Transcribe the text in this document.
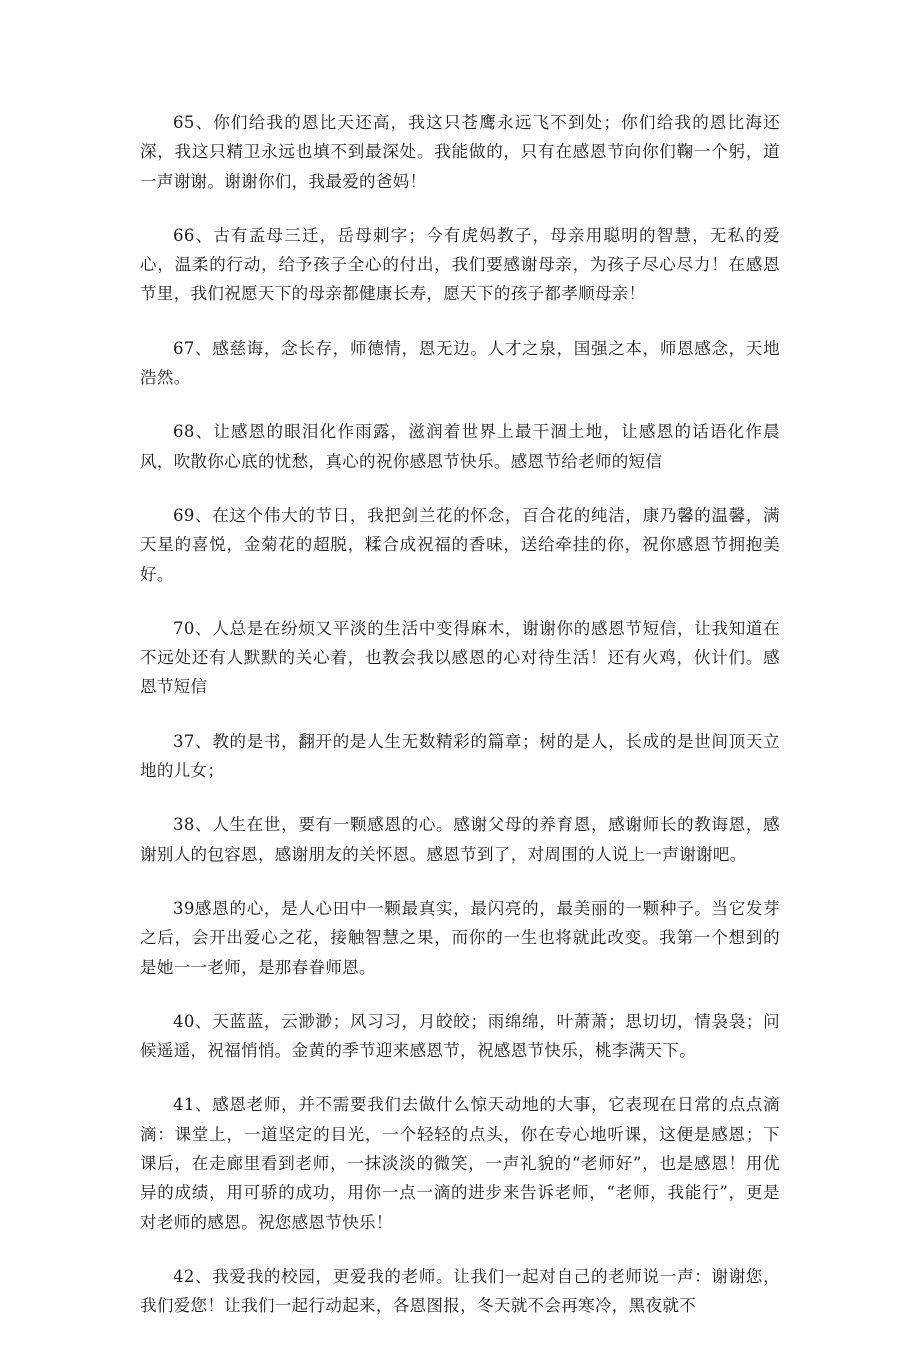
65、你们给我的恩比天还高，我这只苍鹰永远飞不到处；你们给我的恩比海还深，我这只精卫永远也填不到最深处。我能做的，只有在感恩节向你们鞠一个躬，道一声谢谢。谢谢你们，我最爱的爸妈！

66、古有孟母三迁，岳母刺字；今有虎妈教子，母亲用聪明的智慧，无私的爱心，温柔的行动，给予孩子全心的付出，我们要感谢母亲，为孩子尽心尽力！在感恩节里，我们祝愿天下的母亲都健康长寿，愿天下的孩子都孝顺母亲！

67、感慈诲，念长存，师德情，恩无边。人才之泉，国强之本，师恩感念，天地浩然。

68、让感恩的眼泪化作雨露，滋润着世界上最干涸土地，让感恩的话语化作晨风，吹散你心底的忧愁，真心的祝你感恩节快乐。感恩节给老师的短信

69、在这个伟大的节日，我把剑兰花的怀念，百合花的纯洁，康乃馨的温馨，满天星的喜悦，金菊花的超脱，糅合成祝福的香味，送给牵挂的你，祝你感恩节拥抱美好。

70、人总是在纷烦又平淡的生活中变得麻木，谢谢你的感恩节短信，让我知道在不远处还有人默默的关心着，也教会我以感恩的心对待生活！还有火鸡，伙计们。感恩节短信

37、教的是书，翻开的是人生无数精彩的篇章；树的是人，长成的是世间顶天立地的儿女；

38、人生在世，要有一颗感恩的心。感谢父母的养育恩，感谢师长的教诲恩，感谢别人的包容恩，感谢朋友的关怀恩。感恩节到了，对周围的人说上一声谢谢吧。

39感恩的心，是人心田中一颗最真实，最闪亮的，最美丽的一颗种子。当它发芽之后，会开出爱心之花，接触智慧之果，而你的一生也将就此改变。我第一个想到的是她一一老师，是那春眷师恩。

40、天蓝蓝，云渺渺；风习习，月皎皎；雨绵绵，叶萧萧；思切切，情袅袅；问候遥遥，祝福悄悄。金黄的季节迎来感恩节，祝感恩节快乐，桃李满天下。

41、感恩老师，并不需要我们去做什么惊天动地的大事，它表现在日常的点点滴滴：课堂上，一道坚定的目光，一个轻轻的点头，你在专心地听课，这便是感恩；下课后，在走廊里看到老师，一抹淡淡的微笑，一声礼貌的“老师好”，也是感恩！用优异的成绩，用可骄的成功，用你一点一滴的进步来告诉老师，“老师，我能行”，更是对老师的感恩。祝您感恩节快乐！

42、我爱我的校园，更爱我的老师。让我们一起对自己的老师说一声：谢谢您，我们爱您！让我们一起行动起来，各恩图报，冬天就不会再寒冷，黑夜就不
